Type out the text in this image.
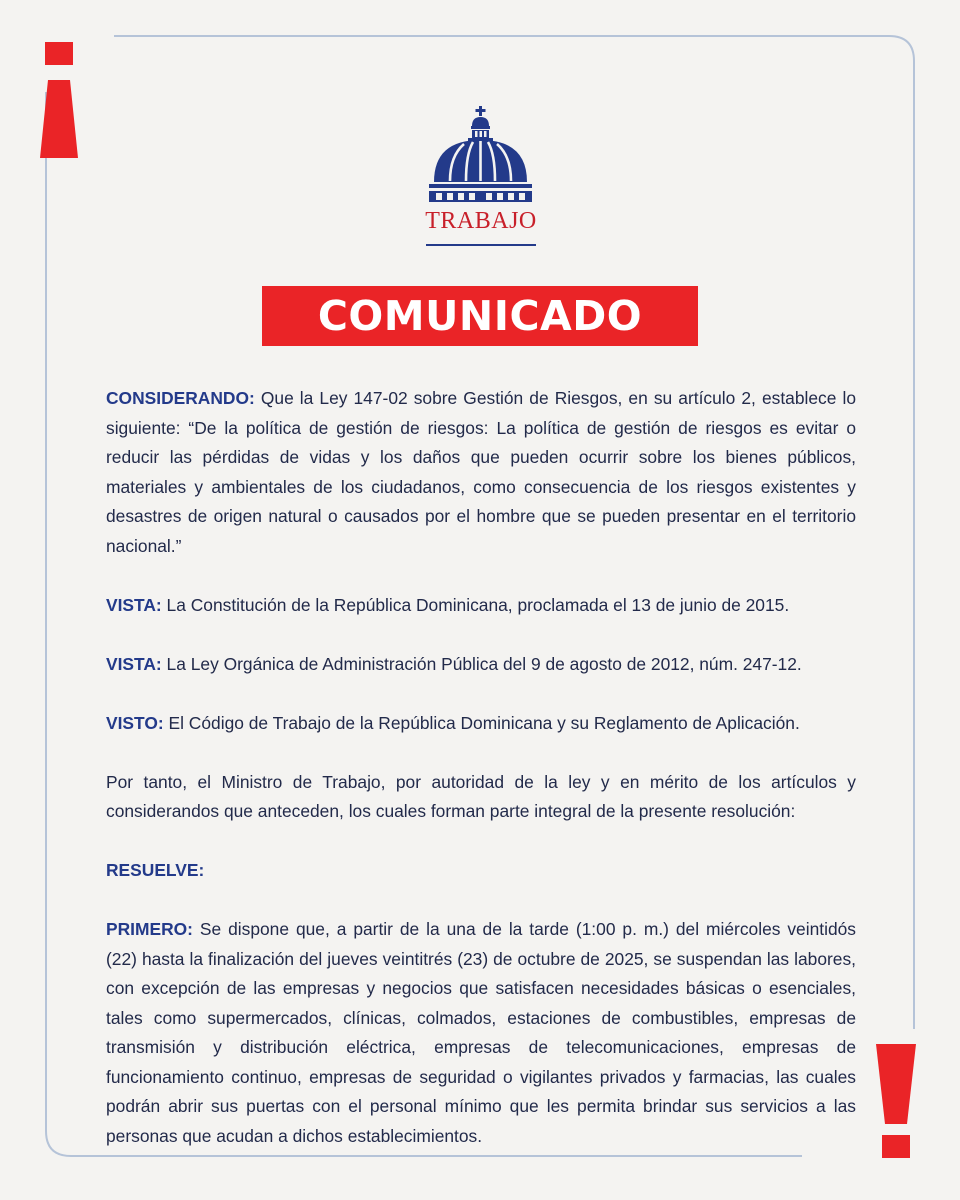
TRABAJO
COMUNICADO

CONSIDERANDO: Que la Ley 147-02 sobre Gestión de Riesgos, en su artículo 2, establece lo siguiente: “De la política de gestión de riesgos: La política de gestión de riesgos es evitar o reducir las pérdidas de vidas y los daños que pueden ocurrir sobre los bienes públicos, materiales y ambientales de los ciudadanos, como consecuencia de los riesgos existentes y desastres de origen natural o causados por el hombre que se pueden presentar en el territorio nacional.”

VISTA: La Constitución de la República Dominicana, proclamada el 13 de junio de 2015.

VISTA: La Ley Orgánica de Administración Pública del 9 de agosto de 2012, núm. 247-12.

VISTO: El Código de Trabajo de la República Dominicana y su Reglamento de Aplicación.

Por tanto, el Ministro de Trabajo, por autoridad de la ley y en mérito de los artículos y considerandos que anteceden, los cuales forman parte integral de la presente resolución:

RESUELVE:

PRIMERO: Se dispone que, a partir de la una de la tarde (1:00 p. m.) del miércoles veintidós (22) hasta la finalización del jueves veintitrés (23) de octubre de 2025, se suspendan las labores, con excepción de las empresas y negocios que satisfacen necesidades básicas o esenciales, tales como supermercados, clínicas, colmados, estaciones de combustibles, empresas de transmisión y distribución eléctrica, empresas de telecomunicaciones, empresas de funcionamiento continuo, empresas de seguridad o vigilantes privados y farmacias, las cuales podrán abrir sus puertas con el personal mínimo que les permita brindar sus servicios a las personas que acudan a dichos establecimientos.
